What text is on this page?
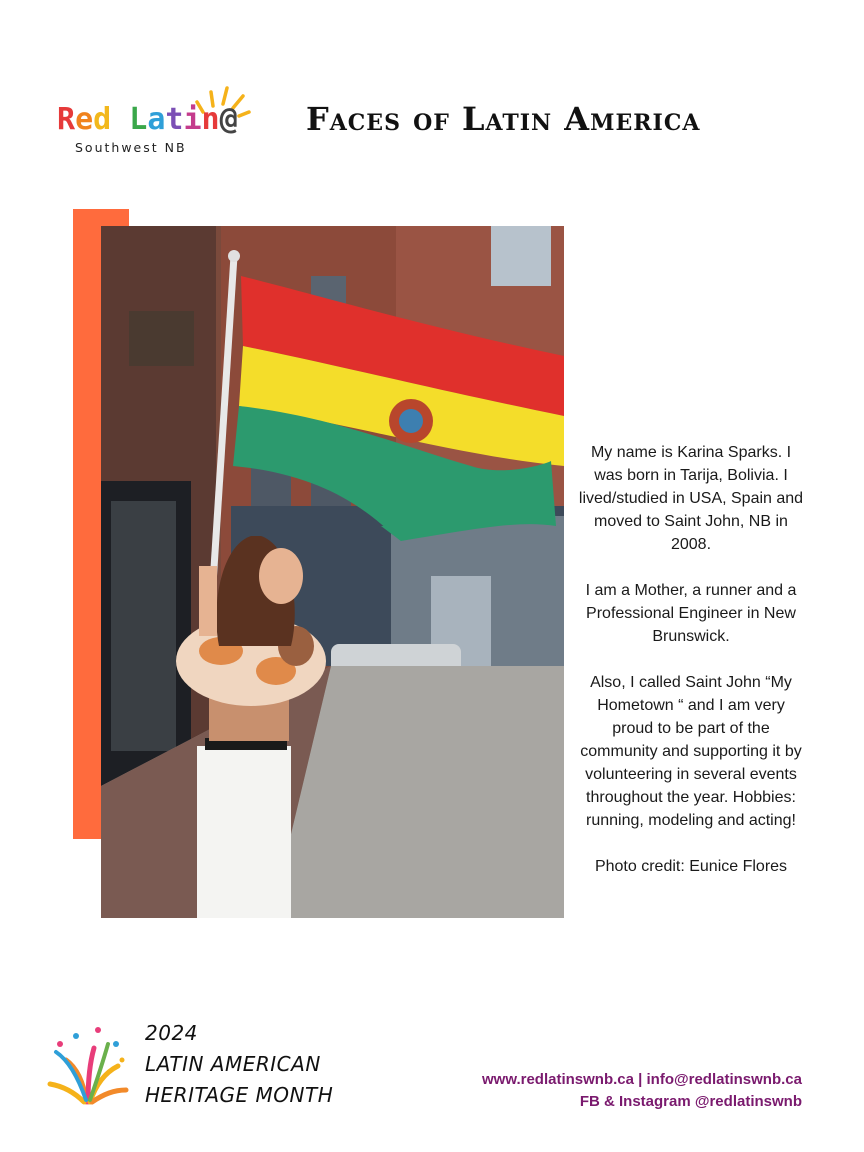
Red Latin@
Southwest NB
Faces of Latin America

My name is Karina Sparks. I was born in Tarija, Bolivia. I lived/studied in USA, Spain and moved to Saint John, NB in 2008.

I am a Mother, a runner and a Professional Engineer in New Brunswick.

Also, I called Saint John “My Hometown “ and I am very proud to be part of the community and supporting it by volunteering in several events throughout the year. Hobbies: running, modeling and acting!

Photo credit: Eunice Flores

2024
LATIN AMERICAN
HERITAGE MONTH
www.redlatinswnb.ca | info@redlatinswnb.ca
FB & Instagram @redlatinswnb
